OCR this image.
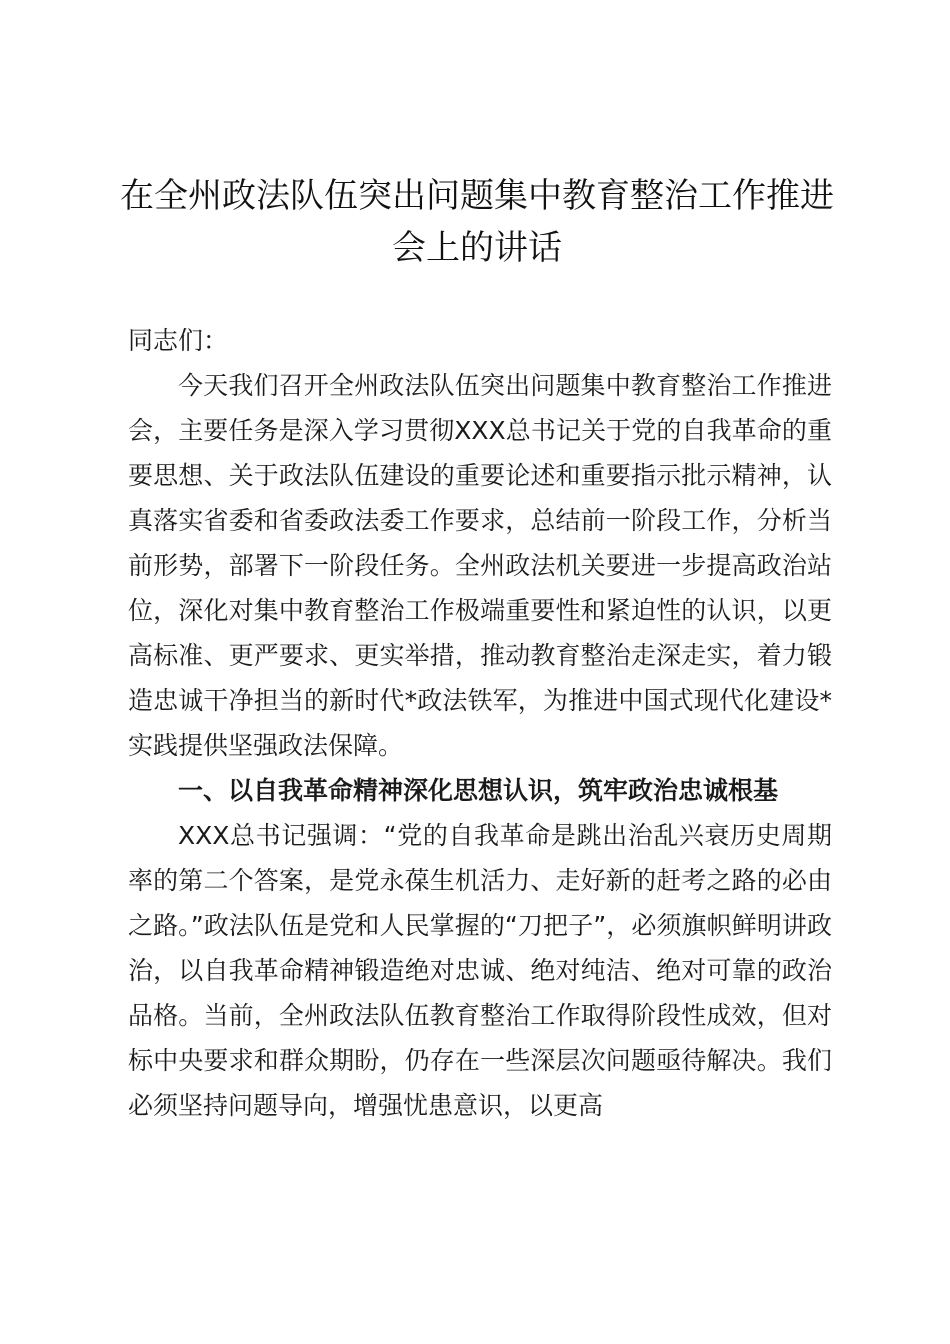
在全州政法队伍突出问题集中教育整治工作推进会上的讲话

同志们：

今天我们召开全州政法队伍突出问题集中教育整治工作推进会，主要任务是深入学习贯彻XXX总书记关于党的自我革命的重要思想、关于政法队伍建设的重要论述和重要指示批示精神，认真落实省委和省委政法委工作要求，总结前一阶段工作，分析当前形势，部署下一阶段任务。全州政法机关要进一步提高政治站位，深化对集中教育整治工作极端重要性和紧迫性的认识，以更高标准、更严要求、更实举措，推动教育整治走深走实，着力锻造忠诚干净担当的新时代*政法铁军，为推进中国式现代化建设*实践提供坚强政法保障。

一、以自我革命精神深化思想认识，筑牢政治忠诚根基

XXX总书记强调：“党的自我革命是跳出治乱兴衰历史周期率的第二个答案，是党永葆生机活力、走好新的赶考之路的必由之路。”政法队伍是党和人民掌握的“刀把子”，必须旗帜鲜明讲政治，以自我革命精神锻造绝对忠诚、绝对纯洁、绝对可靠的政治品格。当前，全州政法队伍教育整治工作取得阶段性成效，但对标中央要求和群众期盼，仍存在一些深层次问题亟待解决。我们必须坚持问题导向，增强忧患意识，以更高
